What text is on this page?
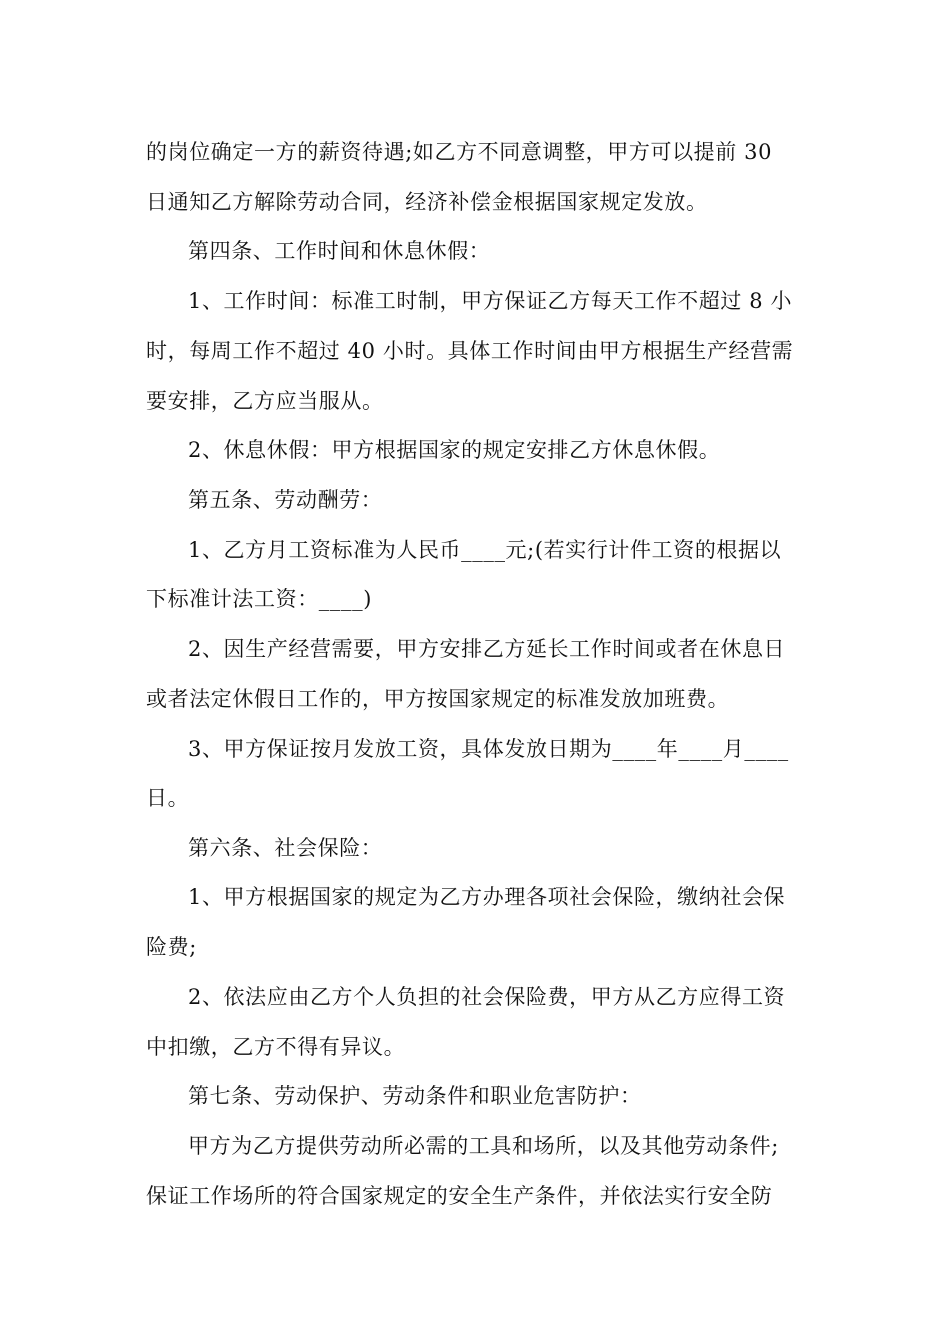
的岗位确定一方的薪资待遇;如乙方不同意调整，甲方可以提前 30
日通知乙方解除劳动合同，经济补偿金根据国家规定发放。
第四条、工作时间和休息休假：
1、工作时间：标准工时制，甲方保证乙方每天工作不超过 8 小
时，每周工作不超过 40 小时。具体工作时间由甲方根据生产经营需
要安排，乙方应当服从。
2、休息休假：甲方根据国家的规定安排乙方休息休假。
第五条、劳动酬劳：
1、乙方月工资标准为人民币____元;(若实行计件工资的根据以
下标准计法工资：____)
2、因生产经营需要，甲方安排乙方延长工作时间或者在休息日
或者法定休假日工作的，甲方按国家规定的标准发放加班费。
3、甲方保证按月发放工资，具体发放日期为____年____月____
日。
第六条、社会保险：
1、甲方根据国家的规定为乙方办理各项社会保险，缴纳社会保
险费;
2、依法应由乙方个人负担的社会保险费，甲方从乙方应得工资
中扣缴，乙方不得有异议。
第七条、劳动保护、劳动条件和职业危害防护：
甲方为乙方提供劳动所必需的工具和场所，以及其他劳动条件;
保证工作场所的符合国家规定的安全生产条件，并依法实行安全防
